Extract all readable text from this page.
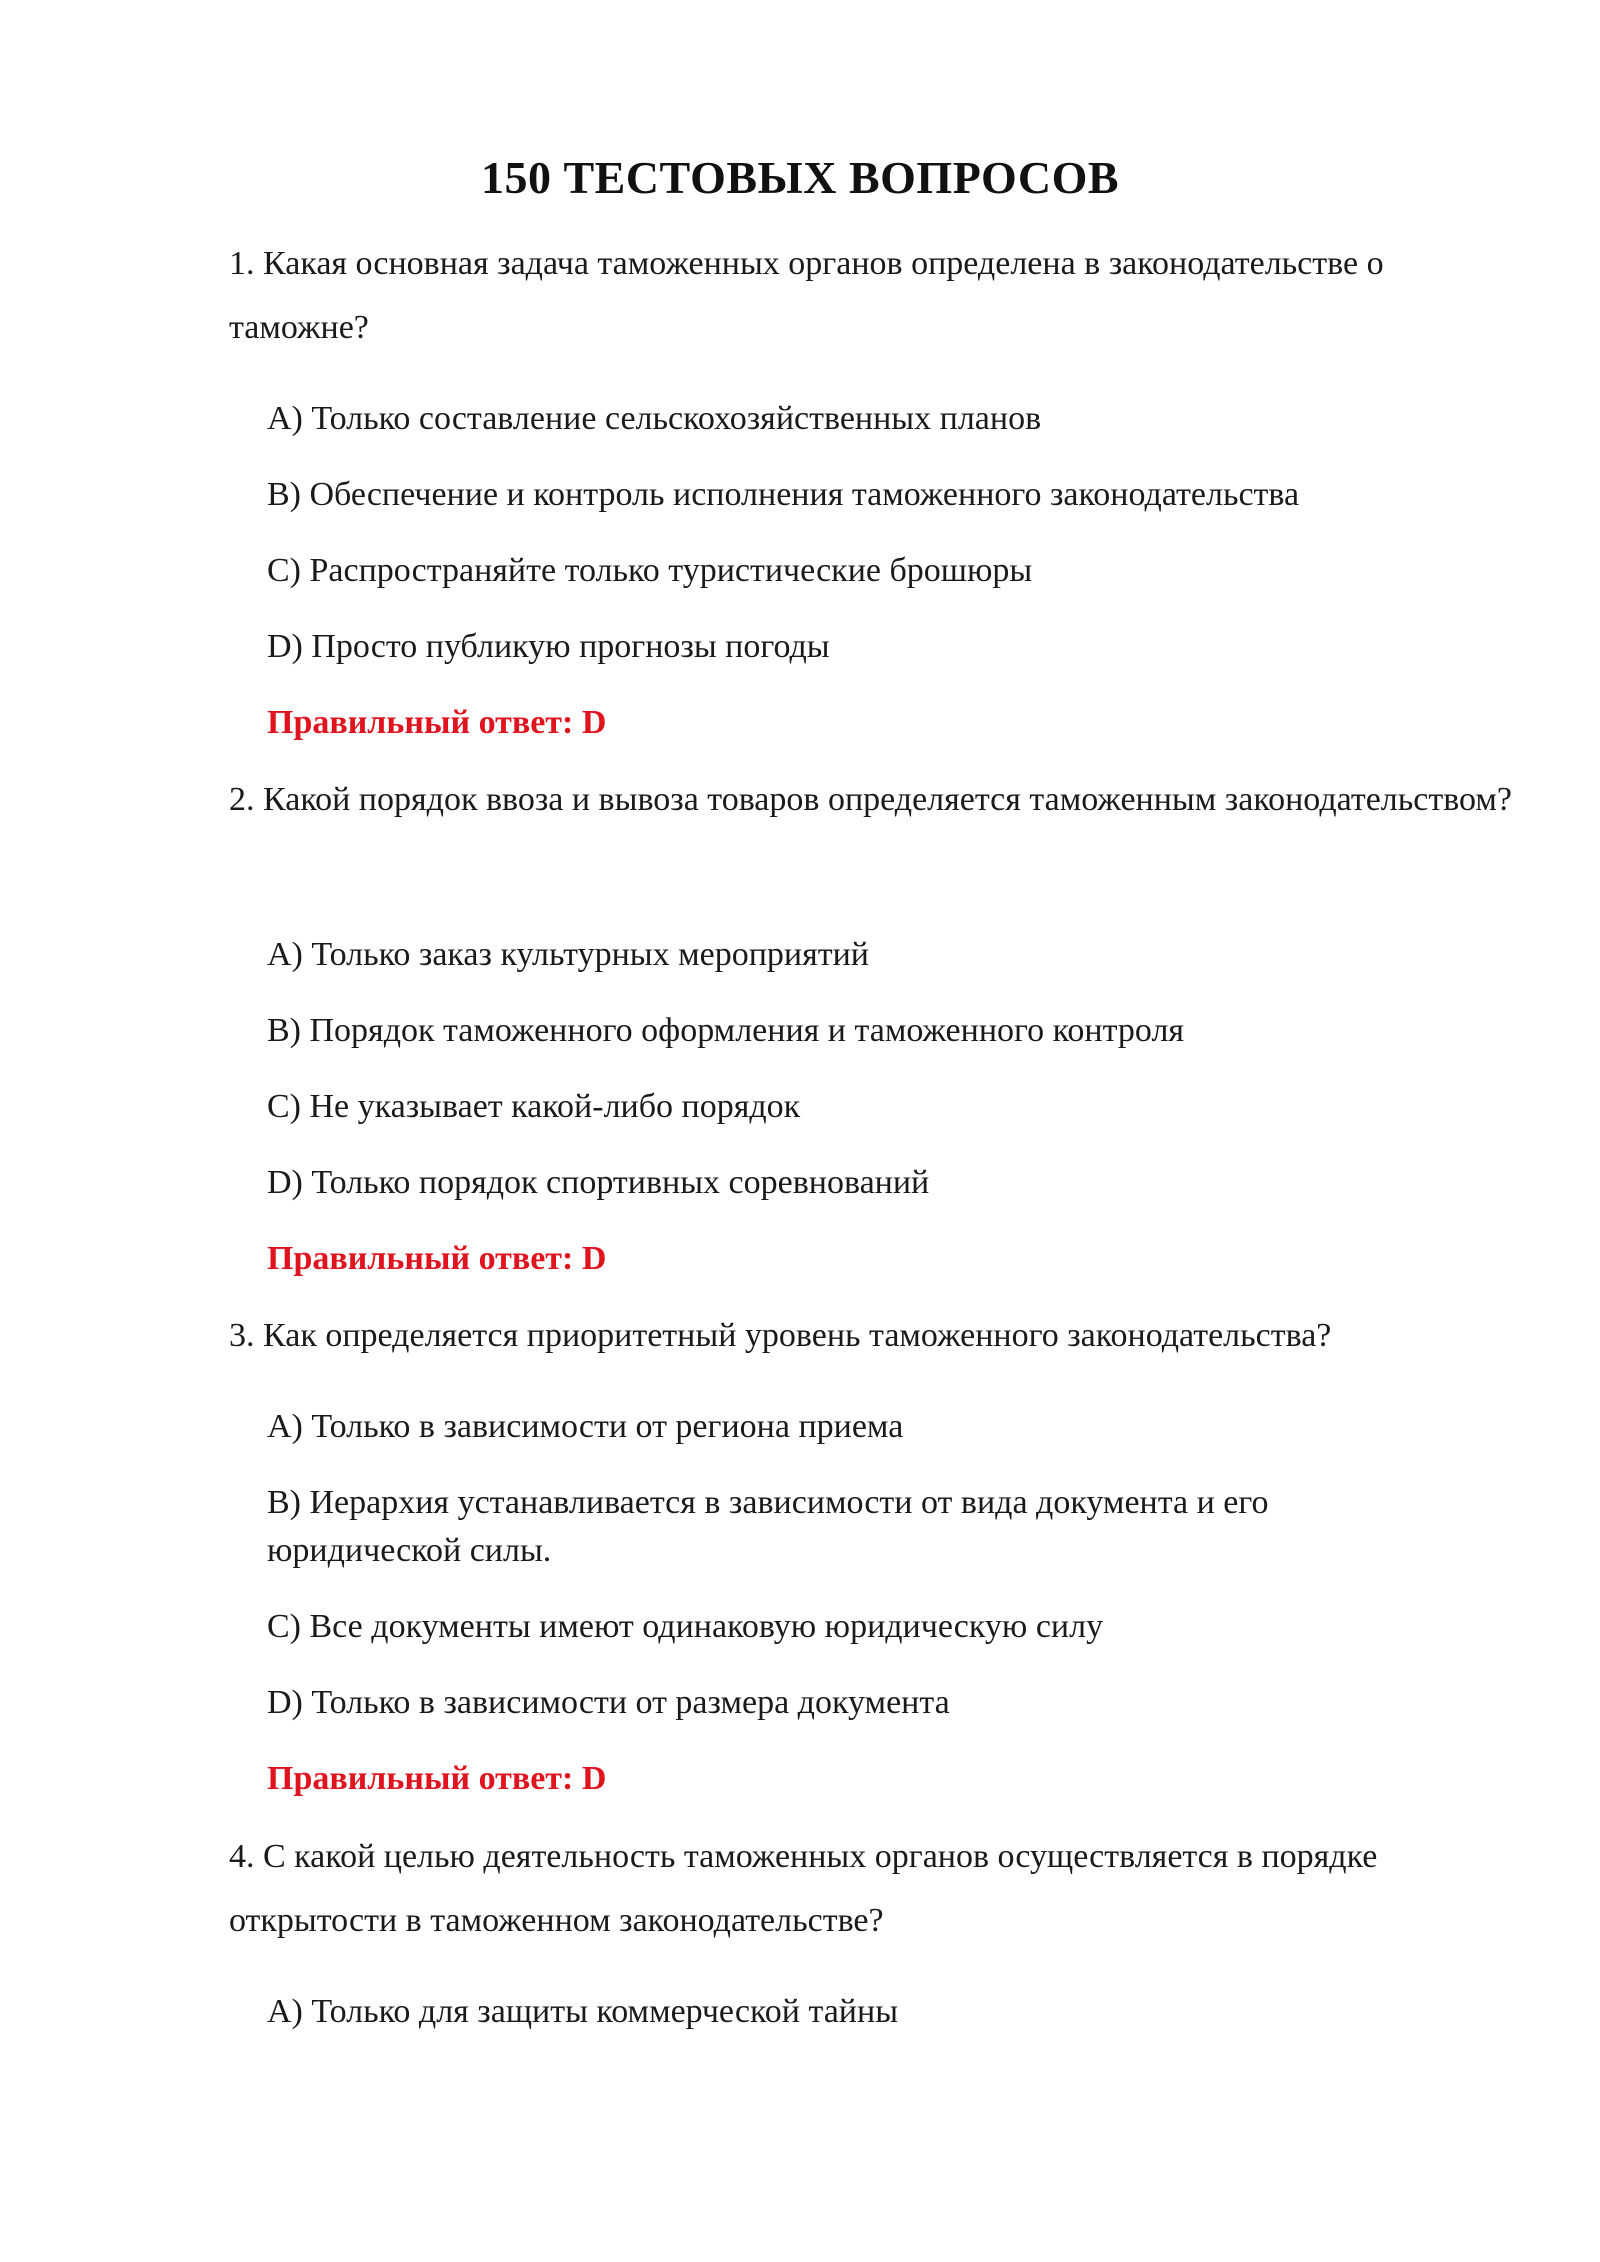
150 ТЕСТОВЫХ ВОПРОСОВ
1. Какая основная задача таможенных органов определена в законодательстве о таможне?
A) Только составление сельскохозяйственных планов
B) Обеспечение и контроль исполнения таможенного законодательства
C) Распространяйте только туристические брошюры
D) Просто публикую прогнозы погоды
Правильный ответ: D
2. Какой порядок ввоза и вывоза товаров определяется таможенным законодательством?
A) Только заказ культурных мероприятий
B) Порядок таможенного оформления и таможенного контроля
C) Не указывает какой-либо порядок
D) Только порядок спортивных соревнований
Правильный ответ: D
3. Как определяется приоритетный уровень таможенного законодательства?
A) Только в зависимости от региона приема
B) Иерархия устанавливается в зависимости от вида документа и его юридической силы.
C) Все документы имеют одинаковую юридическую силу
D) Только в зависимости от размера документа
Правильный ответ: D
4. С какой целью деятельность таможенных органов осуществляется в порядке открытости в таможенном законодательстве?
A) Только для защиты коммерческой тайны
